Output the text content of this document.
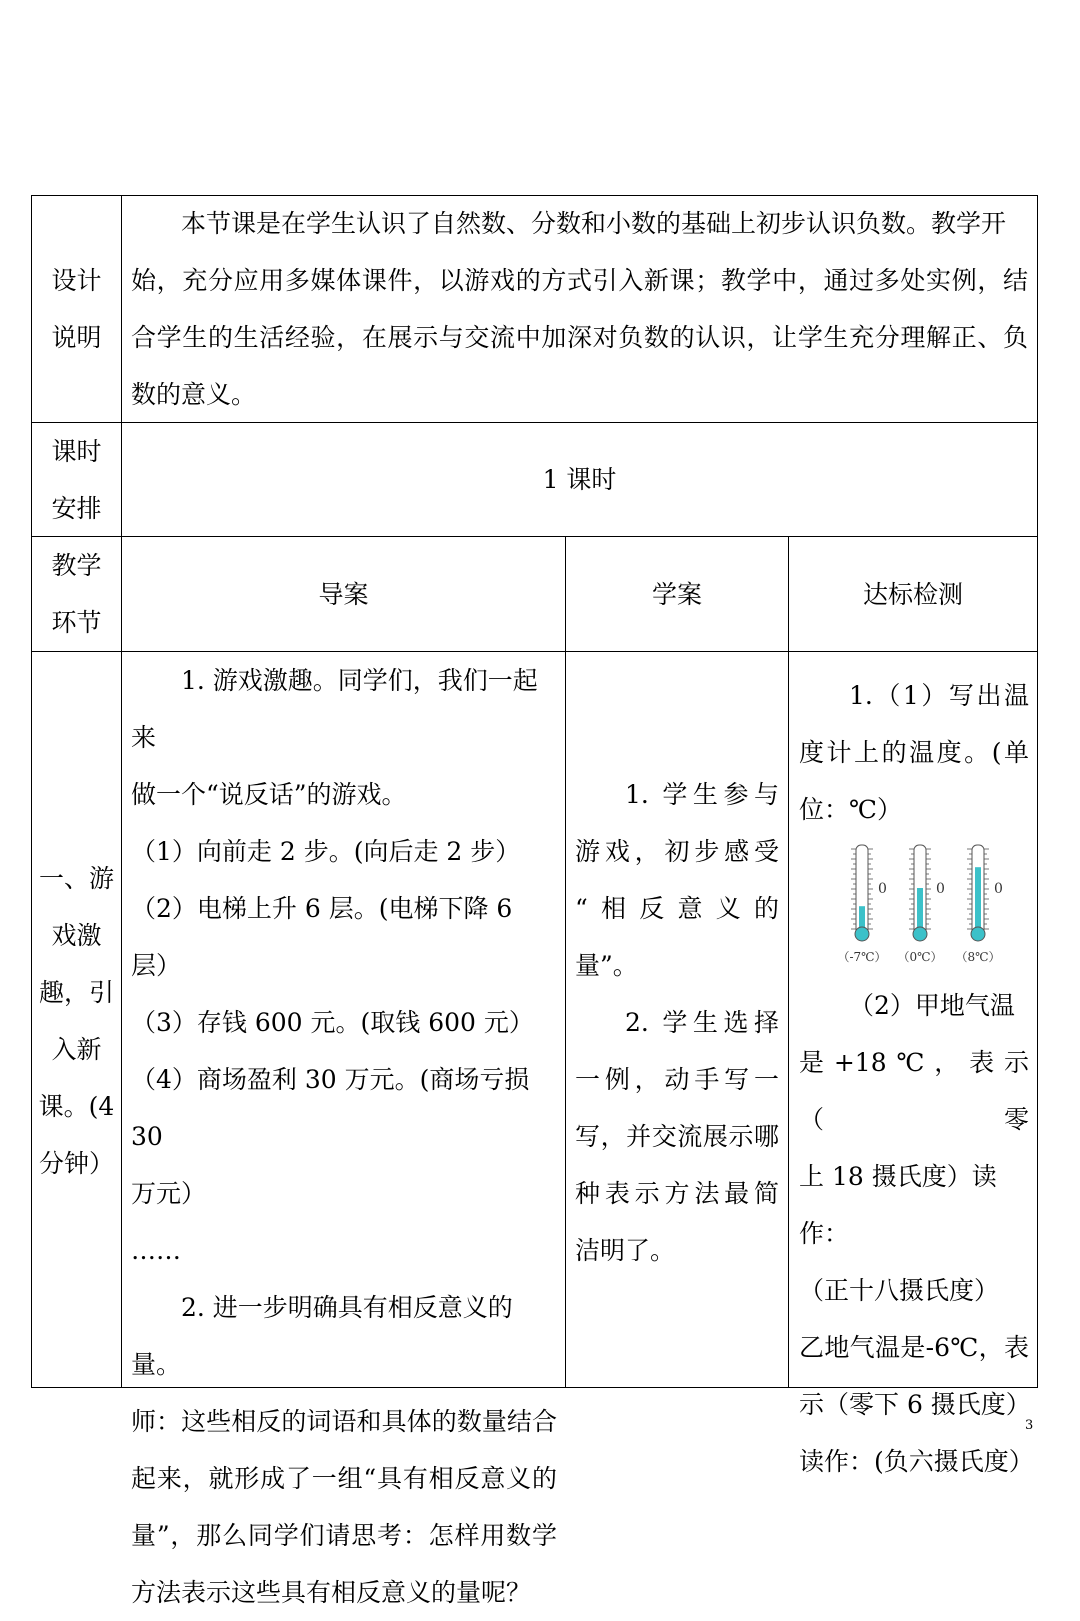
设计

说明

本节课是在学生认识了自然数、分数和小数的基础上初步认识负数。教学开

始，充分应用多媒体课件，以游戏的方式引入新课；教学中，通过多处实例，结

合学生的生活经验，在展示与交流中加深对负数的认识，让学生充分理解正、负

数的意义。

课时

安排

1 课时

教学

环节

导案	学案	达标检测

一、游

戏激

趣，引

入新

课。(4

分钟）

1. 游戏激趣。同学们，我们一起来

做一个“说反话”的游戏。

（1）向前走 2 步。(向后走 2 步）

（2）电梯上升 6 层。(电梯下降 6 层）

（3）存钱 600 元。(取钱 600 元）

（4）商场盈利 30 万元。(商场亏损 30

万元）

……

2. 进一步明确具有相反意义的量。

师：这些相反的词语和具体的数量结合

起来，就形成了一组“具有相反意义的

量”，那么同学们请思考：怎样用数学

方法表示这些具有相反意义的量呢？

1. 学生参与

游戏，初步感受

“相反意义的

量”。

2. 学生选择

一例，动手写一

写，并交流展示哪

种表示方法最简

洁明了。

1.（1）写出温

度计上的温度。(单

位：℃）

0
（-7℃）
0
（0℃）
0
（8℃）

（2）甲地气温

是+18℃，表示（零

上 18 摄氏度）读作：

（正十八摄氏度）

乙地气温是-6℃，表

示（零下 6 摄氏度）

读作：(负六摄氏度）

3
